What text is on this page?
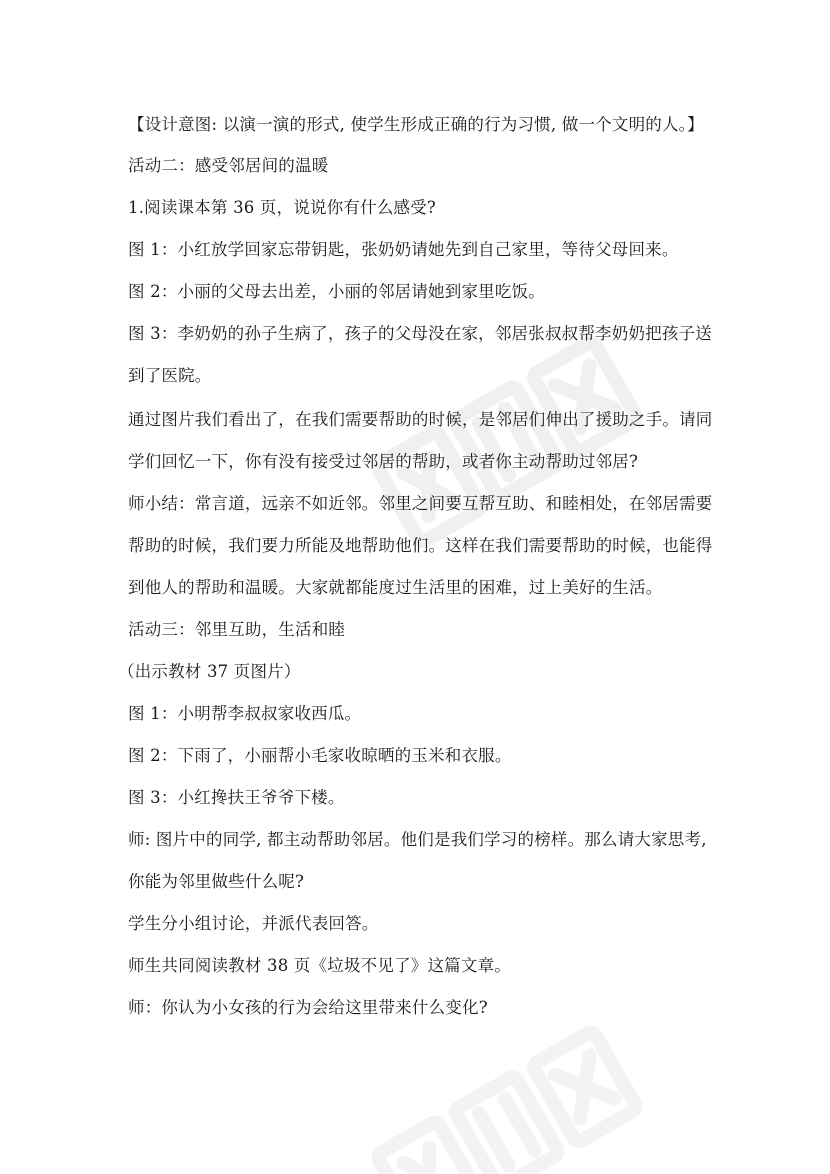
【设计意图: 以演一演的形式, 使学生形成正确的行为习惯, 做一个文明的人。】

活动二：感受邻居间的温暖

1.阅读课本第 36 页，说说你有什么感受?

图 1：小红放学回家忘带钥匙，张奶奶请她先到自己家里，等待父母回来。

图 2：小丽的父母去出差，小丽的邻居请她到家里吃饭。

图 3：李奶奶的孙子生病了，孩子的父母没在家，邻居张叔叔帮李奶奶把孩子送

到了医院。

通过图片我们看出了，在我们需要帮助的时候，是邻居们伸出了援助之手。请同

学们回忆一下，你有没有接受过邻居的帮助，或者你主动帮助过邻居?

师小结：常言道，远亲不如近邻。邻里之间要互帮互助、和睦相处，在邻居需要

帮助的时候，我们要力所能及地帮助他们。这样在我们需要帮助的时候，也能得

到他人的帮助和温暖。大家就都能度过生活里的困难，过上美好的生活。

活动三：邻里互助，生活和睦

（出示教材 37 页图片）

图 1：小明帮李叔叔家收西瓜。

图 2：下雨了，小丽帮小毛家收晾晒的玉米和衣服。

图 3：小红搀扶王爷爷下楼。

师: 图片中的同学, 都主动帮助邻居。他们是我们学习的榜样。那么请大家思考,

你能为邻里做些什么呢?

学生分小组讨论，并派代表回答。

师生共同阅读教材 38 页《垃圾不见了》这篇文章。

师：你认为小女孩的行为会给这里带来什么变化?
